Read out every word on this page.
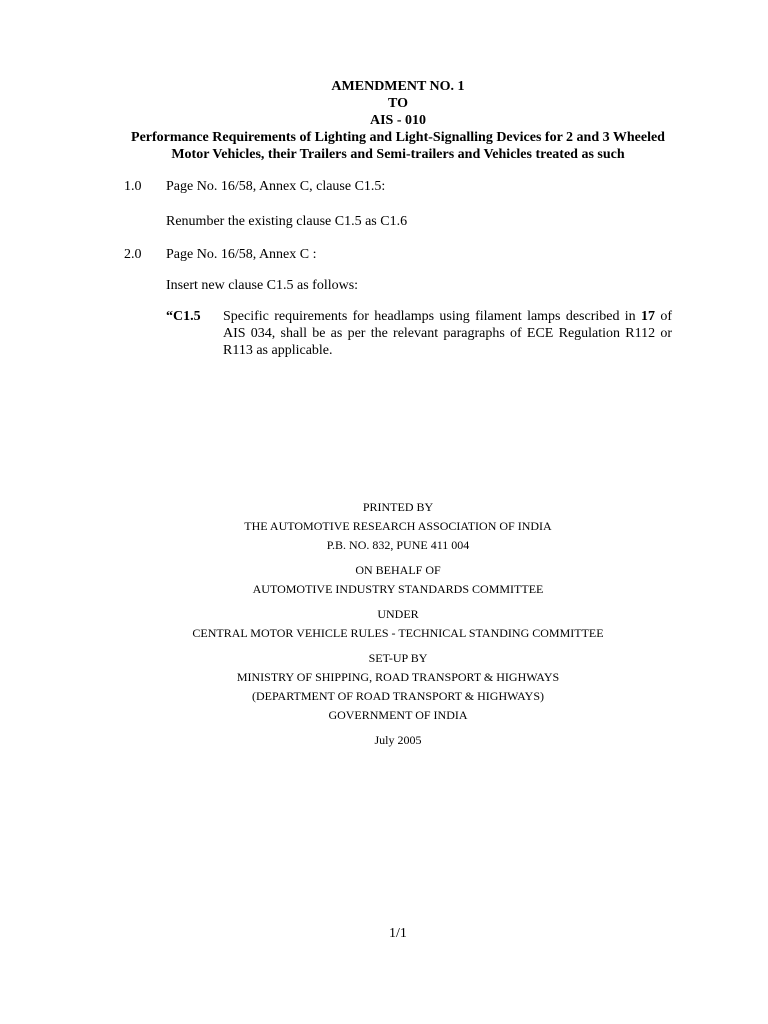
AMENDMENT NO. 1
TO
AIS - 010
Performance Requirements of Lighting and Light-Signalling Devices for 2 and 3 Wheeled
Motor Vehicles, their Trailers and Semi-trailers and Vehicles treated as such
1.0 Page No. 16/58, Annex C, clause C1.5:
Renumber the existing clause C1.5 as C1.6
2.0 Page No. 16/58, Annex C :
Insert new clause C1.5 as follows:
“C1.5 Specific requirements for headlamps using filament lamps described in 17 of AIS 034, shall be as per the relevant paragraphs of ECE Regulation R112 or R113 as applicable.
PRINTED BY
THE AUTOMOTIVE RESEARCH ASSOCIATION OF INDIA
P.B. NO. 832, PUNE 411 004
ON BEHALF OF
AUTOMOTIVE INDUSTRY STANDARDS COMMITTEE
UNDER
CENTRAL MOTOR VEHICLE RULES - TECHNICAL STANDING COMMITTEE
SET-UP BY
MINISTRY OF SHIPPING, ROAD TRANSPORT & HIGHWAYS
(DEPARTMENT OF ROAD TRANSPORT & HIGHWAYS)
GOVERNMENT OF INDIA
July 2005
1/1
